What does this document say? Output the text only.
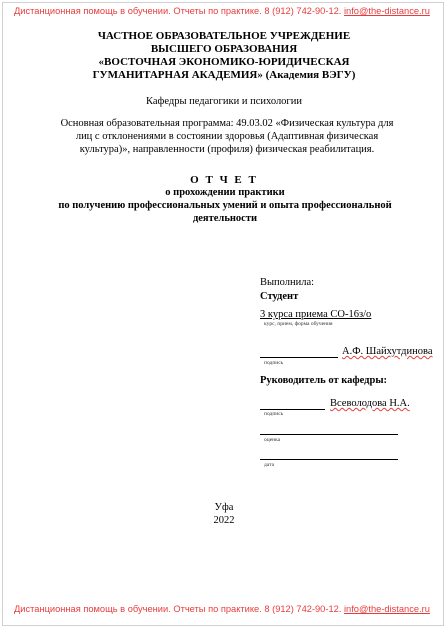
Дистанционная помощь в обучении. Отчеты по практике. 8 (912) 742-90-12. info@the-distance.ru
ЧАСТНОЕ ОБРАЗОВАТЕЛЬНОЕ УЧРЕЖДЕНИЕ
ВЫСШЕГО ОБРАЗОВАНИЯ
«ВОСТОЧНАЯ ЭКОНОМИКО-ЮРИДИЧЕСКАЯ
ГУМАНИТАРНАЯ АКАДЕМИЯ» (Академия ВЭГУ)
Кафедры педагогики и психологии
Основная образовательная программа: 49.03.02 «Физическая культура для лиц с отклонениями в состоянии здоровья (Адаптивная физическая культура)», направленности (профиля) физическая реабилитация.
О Т Ч Е Т
о прохождении практики
по получению профессиональных умений и опыта профессиональной
деятельности
Выполнила:
Студент
3 курса приема СО-16з/о
курс, прием, форма обучения
А.Ф. Шайхутдинова
подпись
Руководитель от кафедры:
Всеволодова Н.А.
подпись
оценка
дата
Уфа
2022
Дистанционная помощь в обучении. Отчеты по практике. 8 (912) 742-90-12. info@the-distance.ru
